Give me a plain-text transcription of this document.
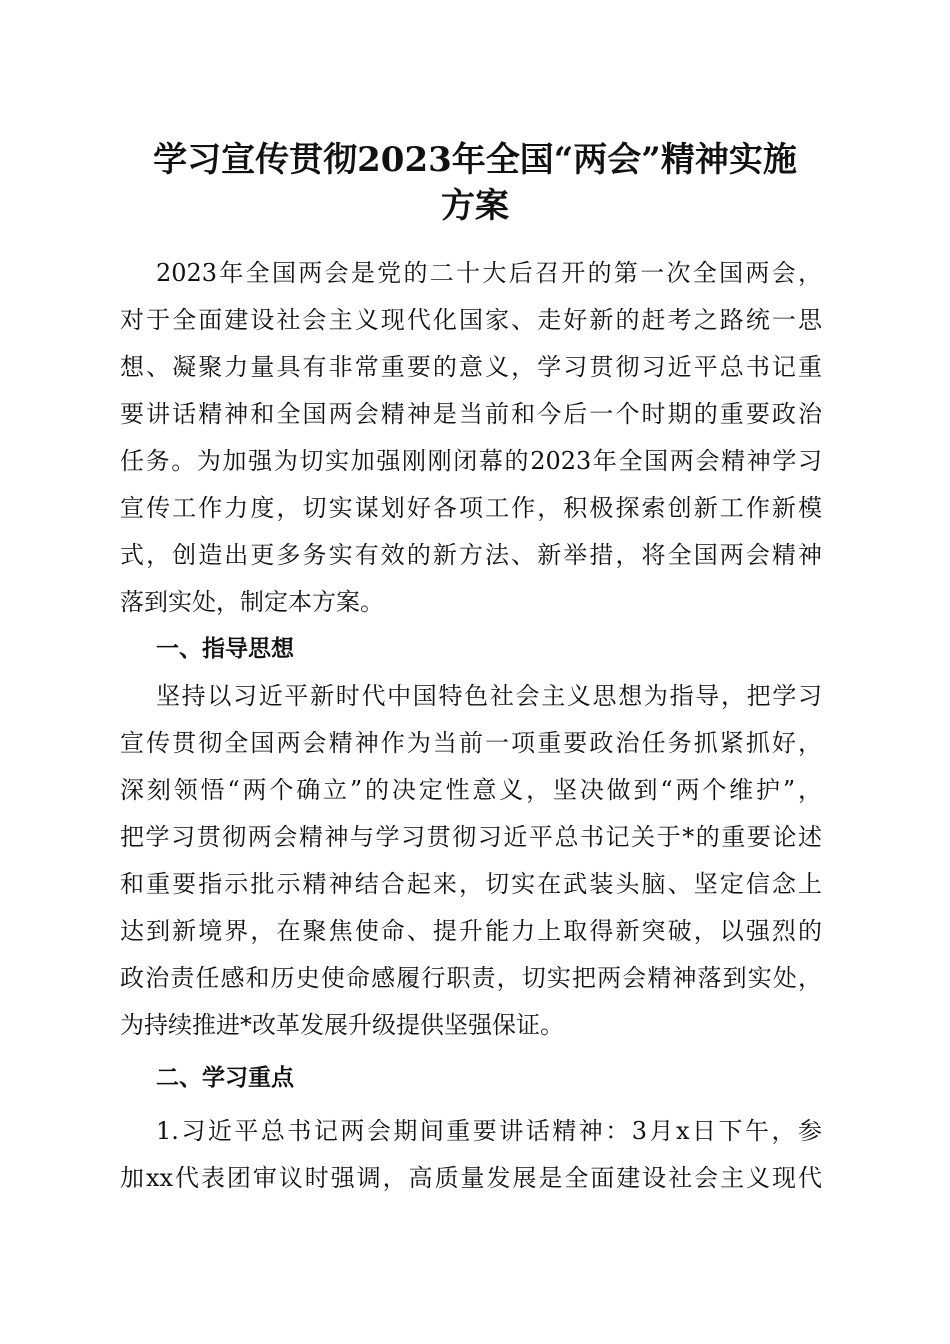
学习宣传贯彻2023年全国“两会”精神实施
方案
2023年全国两会是党的二十大后召开的第一次全国两会，
对于全面建设社会主义现代化国家、走好新的赶考之路统一思
想、凝聚力量具有非常重要的意义，学习贯彻习近平总书记重
要讲话精神和全国两会精神是当前和今后一个时期的重要政治
任务。为加强为切实加强刚刚闭幕的2023年全国两会精神学习
宣传工作力度，切实谋划好各项工作，积极探索创新工作新模
式，创造出更多务实有效的新方法、新举措，将全国两会精神
落到实处，制定本方案。
一、指导思想
坚持以习近平新时代中国特色社会主义思想为指导，把学习
宣传贯彻全国两会精神作为当前一项重要政治任务抓紧抓好，
深刻领悟“两个确立”的决定性意义，坚决做到“两个维护”，
把学习贯彻两会精神与学习贯彻习近平总书记关于*的重要论述
和重要指示批示精神结合起来，切实在武装头脑、坚定信念上
达到新境界，在聚焦使命、提升能力上取得新突破，以强烈的
政治责任感和历史使命感履行职责，切实把两会精神落到实处，
为持续推进*改革发展升级提供坚强保证。
二、学习重点
1.习近平总书记两会期间重要讲话精神：3月x日下午，参
加xx代表团审议时强调，高质量发展是全面建设社会主义现代
